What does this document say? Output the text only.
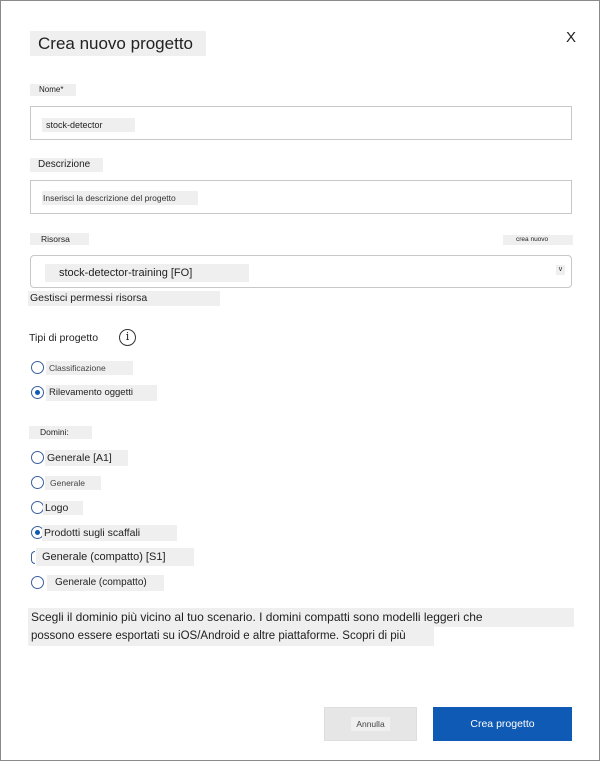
Crea nuovo progetto	X
Nome*
stock-detector
Descrizione
Inserisci la descrizione del progetto
Risorsa	crea nuovo
stock-detector-training [FO]	v
Gestisci permessi risorsa
Tipi di progetto	i
Classificazione
Rilevamento oggetti
Domini:
Generale [A1]
Generale
Logo
Prodotti sugli scaffali
Generale (compatto) [S1]
Generale (compatto)
Scegli il dominio più vicino al tuo scenario. I domini compatti sono modelli leggeri che
possono essere esportati su iOS/Android e altre piattaforme. Scopri di più
Annulla	Crea progetto
